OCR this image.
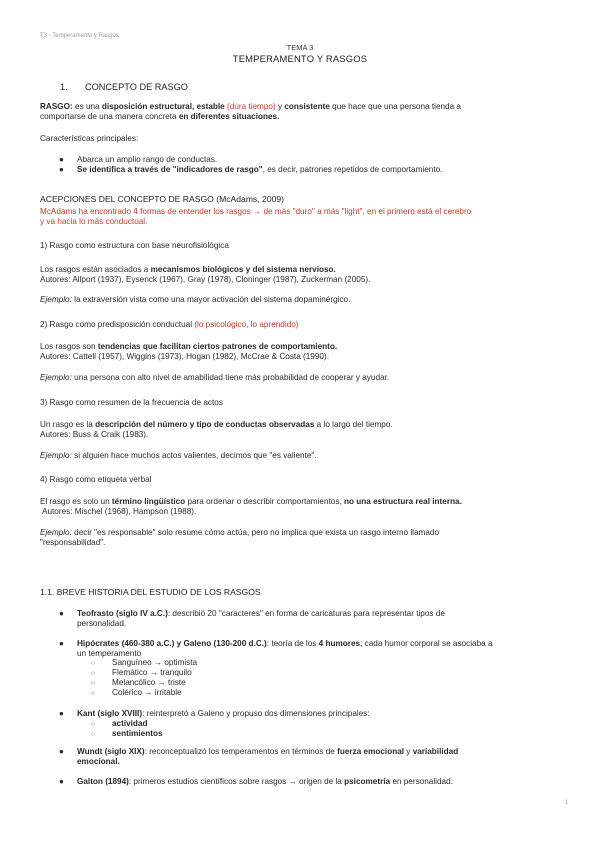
T3 - Temperamento y Rasgos
TEMA 3
TEMPERAMENTO Y RASGOS
1. CONCEPTO DE RASGO
RASGO: es una disposición estructural, estable (dura tiempo) y consistente que hace que una persona tienda a
comportarse de una manera concreta en diferentes situaciones.
Características principales:
● Abarca un amplio rango de conductas.
● Se identifica a través de "indicadores de rasgo", es decir, patrones repetidos de comportamiento.
ACEPCIONES DEL CONCEPTO DE RASGO (McAdams, 2009)
McAdams ha encontrado 4 formas de entender los rasgos → de más "duro" a más "light", en el primero está el cerebro
y va hacia lo más conductual.
1) Rasgo como estructura con base neurofisiológica
Los rasgos están asociados a mecanismos biológicos y del sistema nervioso.
Autores: Allport (1937), Eysenck (1967), Gray (1978), Cloninger (1987), Zuckerman (2005).
Ejemplo: la extraversión vista como una mayor activación del sistema dopaminérgico.
2) Rasgo como predisposición conductual (lo psicológico, lo aprendido)
Los rasgos son tendencias que facilitan ciertos patrones de comportamiento.
Autores: Cattell (1957), Wiggins (1973), Hogan (1982), McCrae & Costa (1990).
Ejemplo: una persona con alto nivel de amabilidad tiene más probabilidad de cooperar y ayudar.
3) Rasgo como resumen de la frecuencia de actos
Un rasgo es la descripción del número y tipo de conductas observadas a lo largo del tiempo.
Autores: Buss & Craik (1983).
Ejemplo: si alguien hace muchos actos valientes, decimos que "es valiente".
4) Rasgo como etiqueta verbal
El rasgo es solo un término lingüístico para ordenar o describir comportamientos, no una estructura real interna.
Autores: Mischel (1968), Hampson (1988).
Ejemplo: decir "es responsable" solo resume cómo actúa, pero no implica que exista un rasgo interno llamado
"responsabilidad".
1.1. BREVE HISTORIA DEL ESTUDIO DE LOS RASGOS
● Teofrasto (siglo IV a.C.): describió 20 "caracteres" en forma de caricaturas para representar tipos de
personalidad.
● Hipócrates (460-380 a.C.) y Galeno (130-200 d.C.): teoría de los 4 humores; cada humor corporal se asociaba a
un temperamento
○ Sanguíneo → optimista
○ Flemático → tranquilo
○ Melancólico → triste
○ Colérico → irritable
● Kant (siglo XVIII): reinterpretó a Galeno y propuso dos dimensiones principales:
○ actividad
○ sentimientos
● Wundt (siglo XIX): reconceptualizó los temperamentos en términos de fuerza emocional y variabilidad
emocional.
● Galton (1894): primeros estudios científicos sobre rasgos → origen de la psicometría en personalidad.
1
